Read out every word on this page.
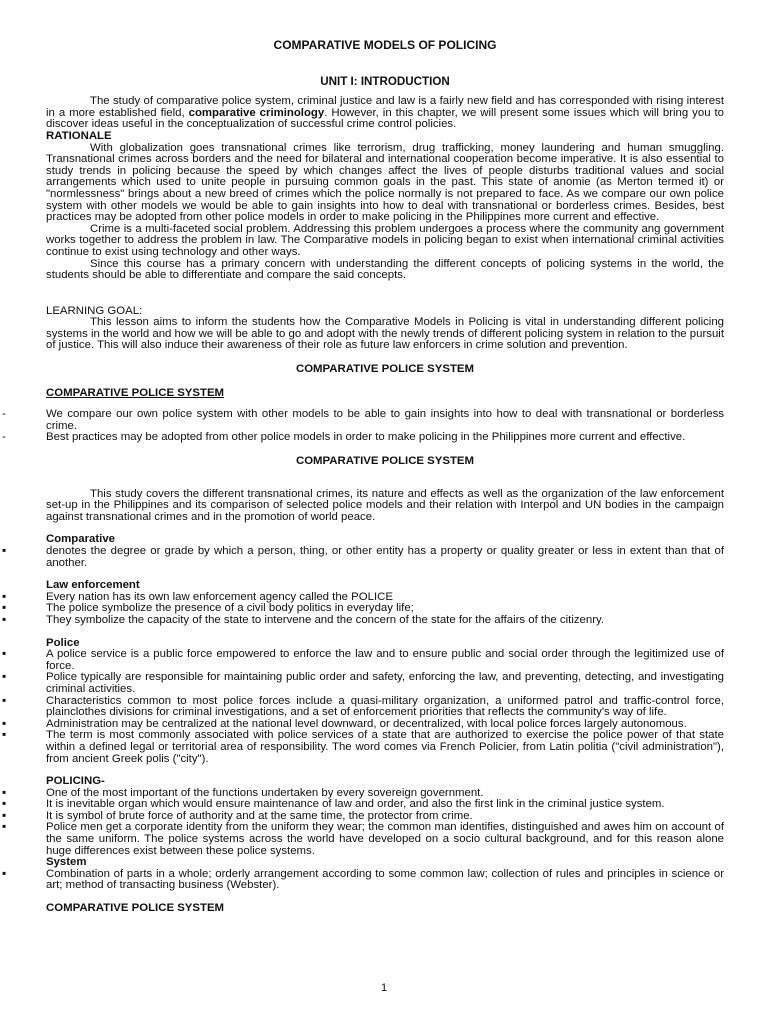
COMPARATIVE MODELS OF POLICING
UNIT I: INTRODUCTION

The study of comparative police system, criminal justice and law is a fairly new field and has corresponded with rising interest in a more established field, comparative criminology. However, in this chapter, we will present some issues which will bring you to discover ideas useful in the conceptualization of successful crime control policies.

RATIONALE

With globalization goes transnational crimes like terrorism, drug trafficking, money laundering and human smuggling. Transnational crimes across borders and the need for bilateral and international cooperation become imperative. It is also essential to study trends in policing because the speed by which changes affect the lives of people disturbs traditional values and social arrangements which used to unite people in pursuing common goals in the past. This state of anomie (as Merton termed it) or "normlessness" brings about a new breed of crimes which the police normally is not prepared to face. As we compare our own police system with other models we would be able to gain insights into how to deal with transnational or borderless crimes. Besides, best practices may be adopted from other police models in order to make policing in the Philippines more current and effective.

Crime is a multi-faceted social problem. Addressing this problem undergoes a process where the community ang government works together to address the problem in law. The Comparative models in policing began to exist when international criminal activities continue to exist using technology and other ways.

Since this course has a primary concern with understanding the different concepts of policing systems in the world, the students should be able to differentiate and compare the said concepts.

LEARNING GOAL:

This lesson aims to inform the students how the Comparative Models in Policing is vital in understanding different policing systems in the world and how we will be able to go and adopt with the newly trends of different policing system in relation to the pursuit of justice. This will also induce their awareness of their role as future law enforcers in crime solution and prevention.

COMPARATIVE POLICE SYSTEM
COMPARATIVE POLICE SYSTEM
- We compare our own police system with other models to be able to gain insights into how to deal with transnational or borderless crime.
- Best practices may be adopted from other police models in order to make policing in the Philippines more current and effective.
COMPARATIVE POLICE SYSTEM

This study covers the different transnational crimes, its nature and effects as well as the organization of the law enforcement set-up in the Philippines and its comparison of selected police models and their relation with Interpol and UN bodies in the campaign against transnational crimes and in the promotion of world peace.

Comparative
▪ denotes the degree or grade by which a person, thing, or other entity has a property or quality greater or less in extent than that of another.
Law enforcement
▪ Every nation has its own law enforcement agency called the POLICE
▪ The police symbolize the presence of a civil body politics in everyday life;
▪ They symbolize the capacity of the state to intervene and the concern of the state for the affairs of the citizenry.
Police
▪ A police service is a public force empowered to enforce the law and to ensure public and social order through the legitimized use of force.
▪ Police typically are responsible for maintaining public order and safety, enforcing the law, and preventing, detecting, and investigating criminal activities.
▪ Characteristics common to most police forces include a quasi-military organization, a uniformed patrol and traffic-control force, plainclothes divisions for criminal investigations, and a set of enforcement priorities that reflects the community's way of life.
▪ Administration may be centralized at the national level downward, or decentralized, with local police forces largely autonomous.
▪ The term is most commonly associated with police services of a state that are authorized to exercise the police power of that state within a defined legal or territorial area of responsibility. The word comes via French Policier, from Latin politia ("civil administration"), from ancient Greek polis ("city").
POLICING-
▪ One of the most important of the functions undertaken by every sovereign government.
▪ It is inevitable organ which would ensure maintenance of law and order, and also the first link in the criminal justice system.
▪ It is symbol of brute force of authority and at the same time, the protector from crime.
▪ Police men get a corporate identity from the uniform they wear; the common man identifies, distinguished and awes him on account of the same uniform. The police systems across the world have developed on a socio cultural background, and for this reason alone huge differences exist between these police systems.
System
▪ Combination of parts in a whole; orderly arrangement according to some common law; collection of rules and principles in science or art; method of transacting business (Webster).
COMPARATIVE POLICE SYSTEM
1
